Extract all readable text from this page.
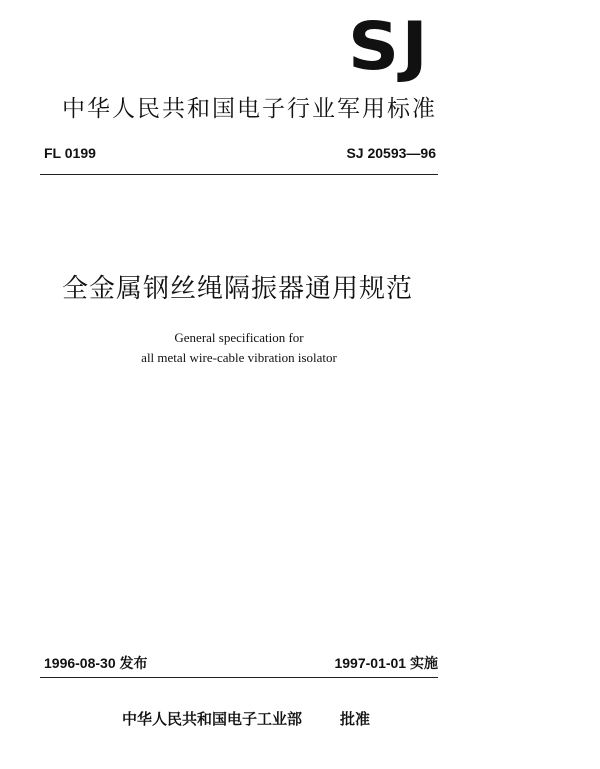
SJ
中华人民共和国电子行业军用标准
FL 0199	SJ 20593—96
全金属钢丝绳隔振器通用规范
General specification for
all metal wire-cable vibration isolator
1996-08-30 发布	1997-01-01 实施
中华人民共和国电子工业部	批准
